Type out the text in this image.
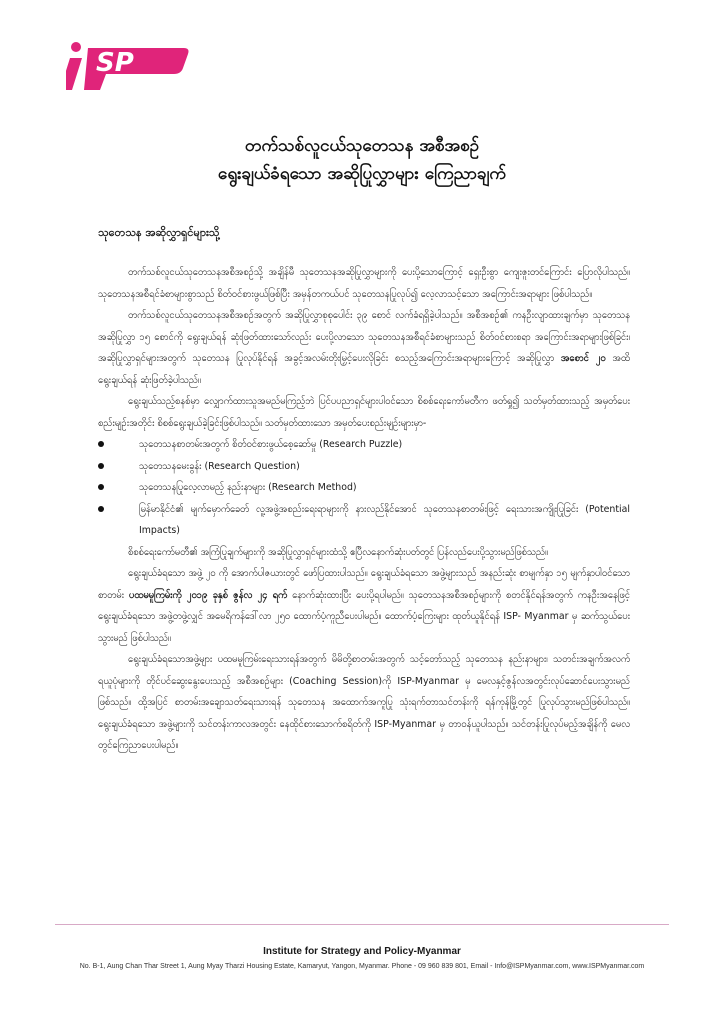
SP
တက်သစ်လူငယ်သုတေသန အစီအစဉ်
ရွေးချယ်ခံရသော အဆိုပြုလွှာများ ကြေညာချက်
သုတေသန အဆိုလွှာရှင်များသို့

တက်သစ်လူငယ်သုတေသနအစီအစဉ်သို့ အချိန်မီ သုတေသနအဆိုပြုလွှာများကို ပေးပို့သောကြောင့် ရှေးဦးစွာ ကျေးဇူးတင်ကြောင်း ပြောလိုပါသည်။ သုတေသနအစီရင်ခံစာများစွာသည် စိတ်ဝင်စားဖွယ်ဖြစ်ပြီး အမှန်တကယ်ပင် သုတေသနပြုလုပ်၍ လေ့လာသင့်သော အကြောင်းအရာများ ဖြစ်ပါသည်။

တက်သစ်လူငယ်သုတေသနအစီအစဉ်အတွက် အဆိုပြုလွှာစုစုပေါင်း ၃၉ စောင် လက်ခံရရှိခဲ့ပါသည်။ အစီအစဉ်၏ ကနဦးလျာထားချက်မှာ သုတေသနအဆိုပြုလွှာ ၁၅ စောင်ကို ရွေးချယ်ရန် ဆုံးဖြတ်ထားသော်လည်း ပေးပို့လာသော သုတေသနအစီရင်ခံစာများသည် စိတ်ဝင်စားစရာ အကြောင်းအရာများဖြစ်ခြင်း၊ အဆိုပြုလွှာရှင်များအတွက် သုတေသန ပြုလုပ်နိုင်ရန် အခွင့်အလမ်းတိုးမြှင့်ပေးလိုခြင်း စသည့်အကြောင်းအရာများကြောင့် အဆိုပြုလွှာ အစောင် ၂၀ အထိ ရွေးချယ်ရန် ဆုံးဖြတ်ခဲ့ပါသည်။

ရွေးချယ်သည့်စနစ်မှာ လျှောက်ထားသူအမည်မကြည့်ဘဲ ပြင်ပပညာရှင်များပါဝင်သော စိစစ်ရေးကော်မတီက ဖတ်ရှု၍ သတ်မှတ်ထားသည့် အမှတ်ပေးစည်းမျဉ်းအတိုင်း စိစစ်ရွေးချယ်ခဲ့ခြင်းဖြစ်ပါသည်။ သတ်မှတ်ထားသော အမှတ်ပေးစည်းမျဉ်းများမှာ-

သုတေသနစာတမ်းအတွက် စိတ်ဝင်စားဖွယ်စေ့ဆော်မှု (Research Puzzle)
သုတေသနမေးခွန်း (Research Question)
သုတေသနပြုလေ့လာမည့် နည်းနာများ (Research Method)
မြန်မာနိုင်ငံ၏ မျက်မှောက်ခေတ် လူ့အဖွဲ့အစည်းရေးရာများကို နားလည်နိုင်အောင် သုတေသနစာတမ်းဖြင့် ရေးသားအကျိုးပြုခြင်း (Potential Impacts)

စိစစ်ရေးကော်မတီ၏ အကြံပြုချက်များကို အဆိုပြုလွှာရှင်များထံသို့ ဧပြီလနောက်ဆုံးပတ်တွင် ပြန်လည်ပေးပို့သွားမည်ဖြစ်သည်။

ရွေးချယ်ခံရသော အဖွဲ့ ၂၀ ကို အောက်ပါဇယားတွင် ဖော်ပြထားပါသည်။ ရွေးချယ်ခံရသော အဖွဲ့များသည် အနည်းဆုံး စာမျက်နှာ ၁၅ မျက်နှာပါဝင်သော စာတမ်း ပထမမူကြမ်းကို ၂၀၁၉ ခုနှစ် ဇွန်လ ၂၄ ရက် နောက်ဆုံးထားပြီး ပေးပို့ရပါမည်။ သုတေသနအစီအစဉ်များကို စတင်နိုင်ရန်အတွက် ကနဦးအနေဖြင့် ရွေးချယ်ခံရသော အဖွဲ့တဖွဲ့လျှင် အမေရိကန်ဒေါ်လာ ၂၅၀ ထောက်ပံ့ကူညီပေးပါမည်။ ထောက်ပံ့ကြေးများ ထုတ်ယူနိုင်ရန် ISP- Myanmar မှ ဆက်သွယ်ပေးသွားမည် ဖြစ်ပါသည်။

ရွေးချယ်ခံရသောအဖွဲ့များ ပထမမူကြမ်းရေးသားရန်အတွက် မိမိတို့စာတမ်းအတွက် သင့်တော်သည့် သုတေသန နည်းနာများ၊ သတင်းအချက်အလက်ရယူပုံများကို တိုင်ပင်ဆွေးနွေးပေးသည့် အစီအစဉ်များ (Coaching Session)ကို ISP-Myanmar မှ မေလနှင့်ဇွန်လအတွင်းလုပ်ဆောင်ပေးသွားမည်ဖြစ်သည်။ ထို့အပြင် စာတမ်းအချောသတ်ရေးသားရန် သုတေသန အထောက်အကူပြု သုံးရက်တာသင်တန်းကို ရန်ကုန်မြို့တွင် ပြုလုပ်သွားမည်ဖြစ်ပါသည်။ ရွေးချယ်ခံရသော အဖွဲ့များကို သင်တန်းကာလအတွင်း နေထိုင်စားသောက်စရိတ်ကို ISP-Myanmar မှ တာဝန်ယူပါသည်။ သင်တန်းပြုလုပ်မည့်အချိန်ကို မေလတွင်ကြေညာပေးပါမည်။

Institute for Strategy and Policy-Myanmar
No. B-1, Aung Chan Thar Street 1, Aung Myay Tharzi Housing Estate, Kamaryut, Yangon, Myanmar. Phone - 09 960 839 801, Email - Info@ISPMyanmar.com, www.ISPMyanmar.com
